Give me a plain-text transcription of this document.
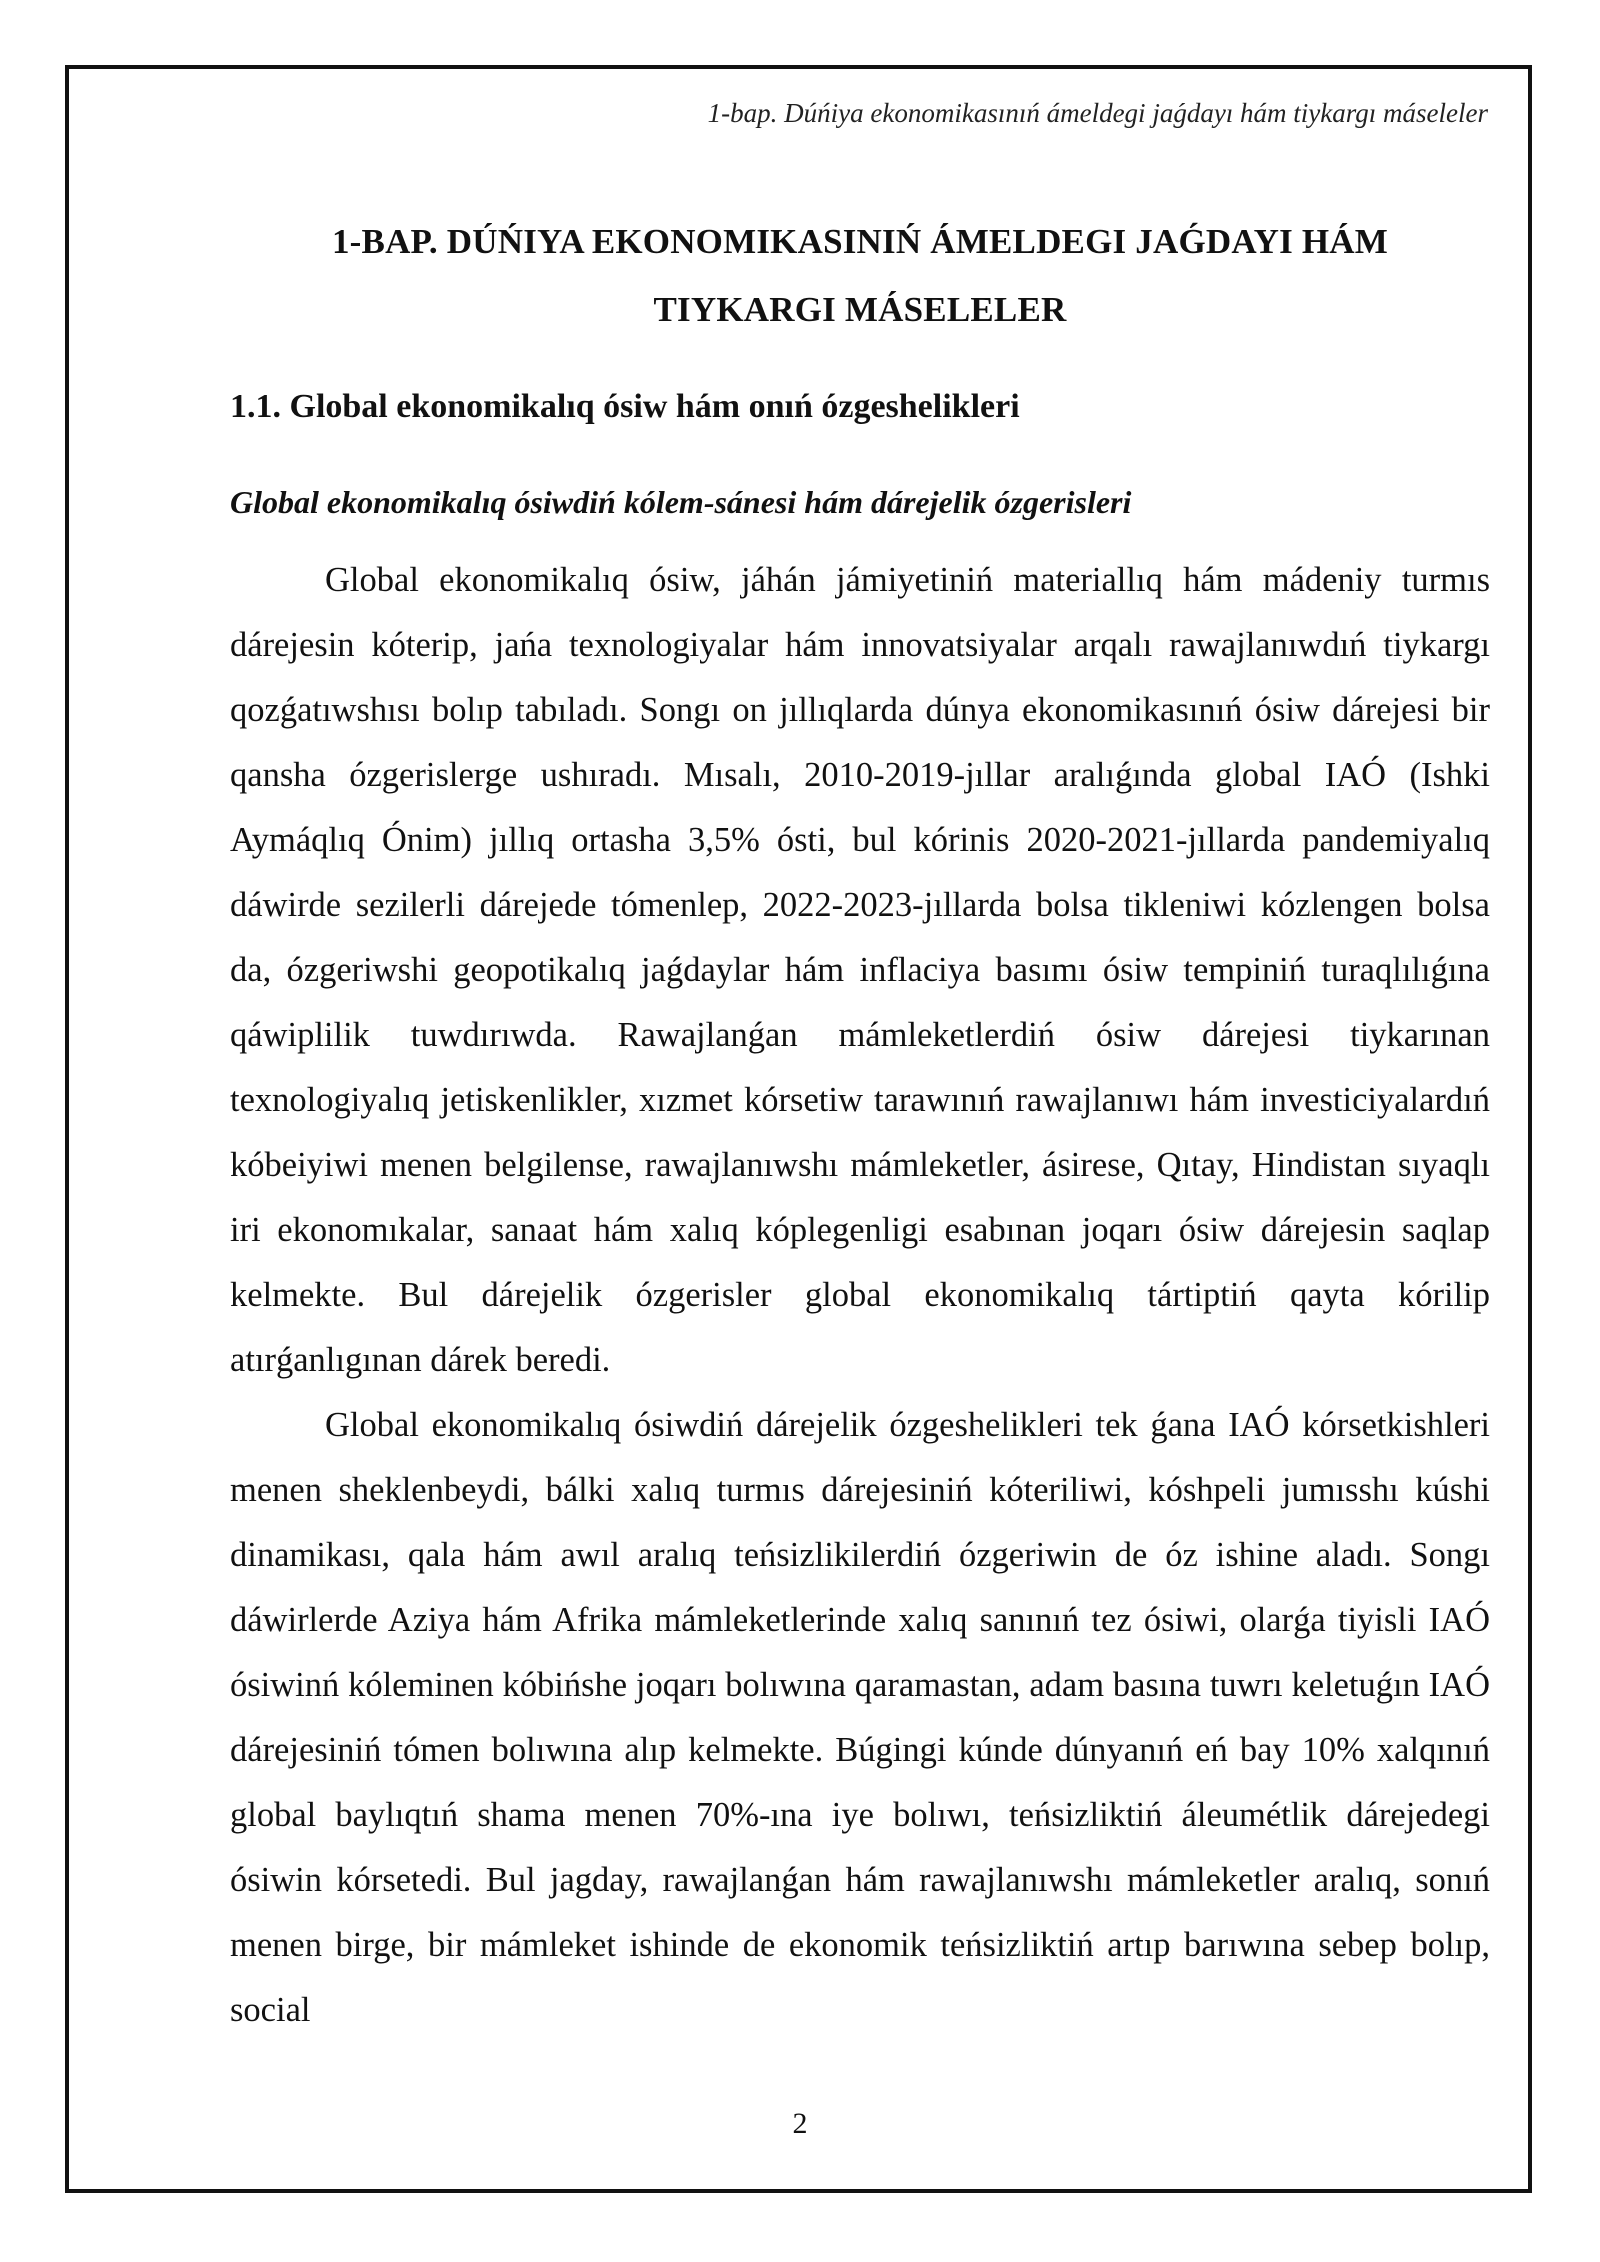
1-bap. Dúńiya ekonomikasınıń ámeldegi jaǵdayı hám tiykargı máseleler
1-BAP. DÚŃIYA EKONOMIKASINIŃ ÁMELDEGI JAǴDAYI HÁM
TIYKARGI MÁSELELER
1.1. Global ekonomikalıq ósiw hám onıń ózgeshelikleri
Global ekonomikalıq ósiwdiń kólem-sánesi hám dárejelik ózgerisleri

Global ekonomikalıq ósiw, jáhán jámiyetiniń materiallıq hám mádeniy turmıs dárejesin kóterip, jańa texnologiyalar hám innovatsiyalar arqalı rawajlanıwdıń tiykargı qozǵatıwshısı bolıp tabıladı. Songı on jıllıqlarda dúnya ekonomikasınıń ósiw dárejesi bir qansha ózgerislerge ushıradı. Mısalı, 2010-2019-jıllar aralıǵında global IAÓ (Ishki Aymáqlıq Ónim) jıllıq ortasha 3,5% ósti, bul kórinis 2020-2021-jıllarda pandemiyalıq dáwirde sezilerli dárejede tómenlep, 2022-2023-jıllarda bolsa tikleniwi kózlengen bolsa da, ózgeriwshi geopotikalıq jaǵdaylar hám inflaciya basımı ósiw tempiniń turaqlılıǵına qáwiplilik tuwdırıwda. Rawajlanǵan mámleketlerdiń ósiw dárejesi tiykarınan texnologiyalıq jetiskenlikler, xızmet kórsetiw tarawınıń rawajlanıwı hám investiciyalardıń kóbeiyiwi menen belgilense, rawajlanıwshı mámleketler, ásirese, Qıtay, Hindistan sıyaqlı iri ekonomıkalar, sanaat hám xalıq kóplegenligi esabınan joqarı ósiw dárejesin saqlap kelmekte. Bul dárejelik ózgerisler global ekonomikalıq tártiptiń qayta kórilip atırǵanlıgınan dárek beredi.

Global ekonomikalıq ósiwdiń dárejelik ózgeshelikleri tek ǵana IAÓ kórsetkishleri menen sheklenbeydi, bálki xalıq turmıs dárejesiniń kóteriliwi, kóshpeli jumısshı kúshi dinamikası, qala hám awıl aralıq teńsizlikilerdiń ózgeriwin de óz ishine aladı. Songı dáwirlerde Aziya hám Afrika mámleketlerinde xalıq sanınıń tez ósiwi, olarǵa tiyisli IAÓ ósiwinń kóleminen kóbińshe joqarı bolıwına qaramastan, adam basına tuwrı keletuǵın IAÓ dárejesiniń tómen bolıwına alıp kelmekte. Búgingi kúnde dúnyanıń eń bay 10% xalqınıń global baylıqtıń shama menen 70%-ına iye bolıwı, teńsizliktiń áleumétlik dárejedegi ósiwin kórsetedi. Bul jagday, rawajlanǵan hám rawajlanıwshı mámleketler aralıq, sonıń menen birge, bir mámleket ishinde de ekonomik teńsizliktiń artıp barıwına sebep bolıp, social

2
